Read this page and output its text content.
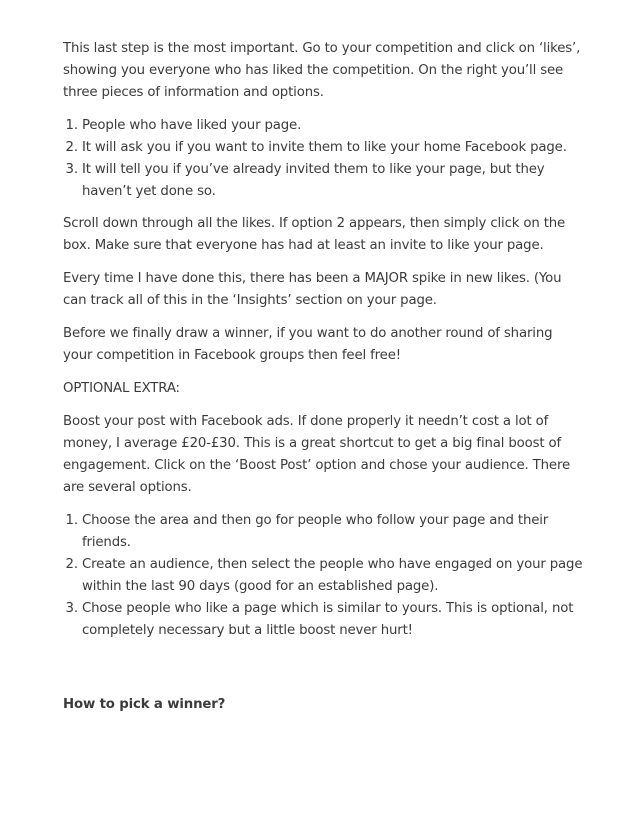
This last step is the most important. Go to your competition and click on ‘likes’, showing you everyone who has liked the competition. On the right you’ll see three pieces of information and options.

1. People who have liked your page.
2. It will ask you if you want to invite them to like your home Facebook page.
3. It will tell you if you’ve already invited them to like your page, but they haven’t yet done so.

Scroll down through all the likes. If option 2 appears, then simply click on the box. Make sure that everyone has had at least an invite to like your page.

Every time I have done this, there has been a MAJOR spike in new likes. (You can track all of this in the ‘Insights’ section on your page.

Before we finally draw a winner, if you want to do another round of sharing your competition in Facebook groups then feel free!

OPTIONAL EXTRA:

Boost your post with Facebook ads. If done properly it needn’t cost a lot of money, I average £20-£30. This is a great shortcut to get a big final boost of engagement. Click on the ‘Boost Post’ option and chose your audience. There are several options.

1. Choose the area and then go for people who follow your page and their friends.
2. Create an audience, then select the people who have engaged on your page within the last 90 days (good for an established page).
3. Chose people who like a page which is similar to yours. This is optional, not completely necessary but a little boost never hurt!

How to pick a winner?
